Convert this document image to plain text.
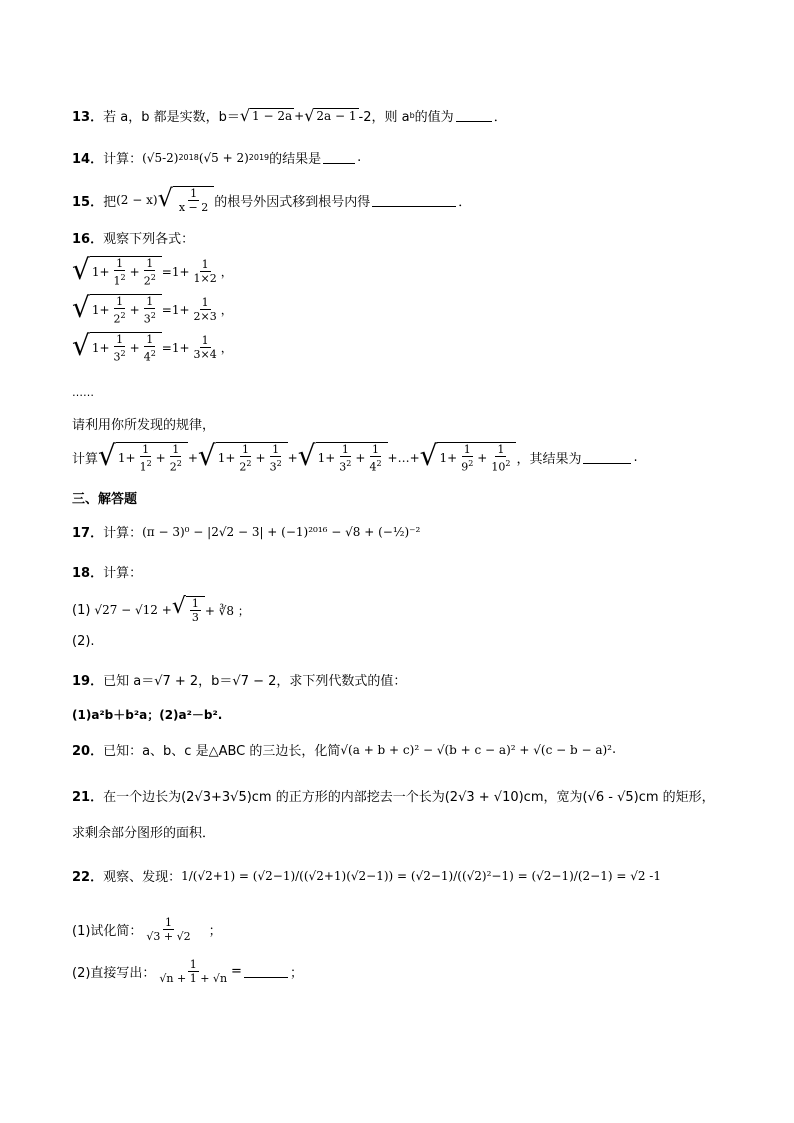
13． 若 a，b 都是实数，b＝ √ 1 − 2a + √ 2a − 1 -2，则 a b 的值为	．
14． 计算： (√5-2) 2018 (√5 + 2) 2019 的结果是	.
15． 把 (2 − x) √ $\frac{1}{x - 2}$ 的根号外因式移到根号内得	．
16． 观察下列各式：
√ $1 + \frac{1}{1^2} + \frac{1}{2^2} =1+ \frac{1}{1\times 2}$ ，
√ $1 + \frac{1}{2^2} + \frac{1}{3^2} =1+ \frac{1}{2\times 3}$ ，
√ $1 + \frac{1}{3^2} + \frac{1}{4^2} =1+ \frac{1}{3\times 4}$ ，
……
请利用你所发现的规律，
计算 √ $1 + \frac{1}{1^2} + \frac{1}{2^2}$ + √ $1 + \frac{1}{2^2} + \frac{1}{3^2}$ + √ $1 + \frac{1}{3^2} + \frac{1}{4^2}$ +…+ √ $1 + \frac{1}{9^2} + \frac{1}{10^2}$ ，其结果为	.
三、解答题
17． 计算： (π − 3)⁰ − |2√2 − 3| + (−1)²⁰¹⁶ − √8 + (−½)⁻²
18． 计算：
(1) √27 − √12 + √ $\frac{1}{3}$ + ∛8 ；
(2).
19． 已知 a＝√7 + 2，b＝√7 − 2，求下列代数式的值：
(1)a²b＋b²a；(2)a²－b².
20． 已知：a、b、c 是△ABC 的三边长，化简 √(a + b + c)² − √(b + c − a)² + √(c − b − a)² .
21． 在一个边长为(2√3+3√5)cm 的正方形的内部挖去一个长为(2√3 + √10)cm，宽为(√6 - √5)cm 的矩形，
求剩余部分图形的面积．
22． 观察、发现： 1/(√2+1) = (√2−1)/((√2+1)(√2−1)) = (√2−1)/((√2)²−1) = (√2−1)/(2−1) = √2 -1
(1)试化简： $\frac{1}{√3 + √2}$ ；
(2)直接写出： $\frac{1}{√n + 1 + √n}$ =	；
